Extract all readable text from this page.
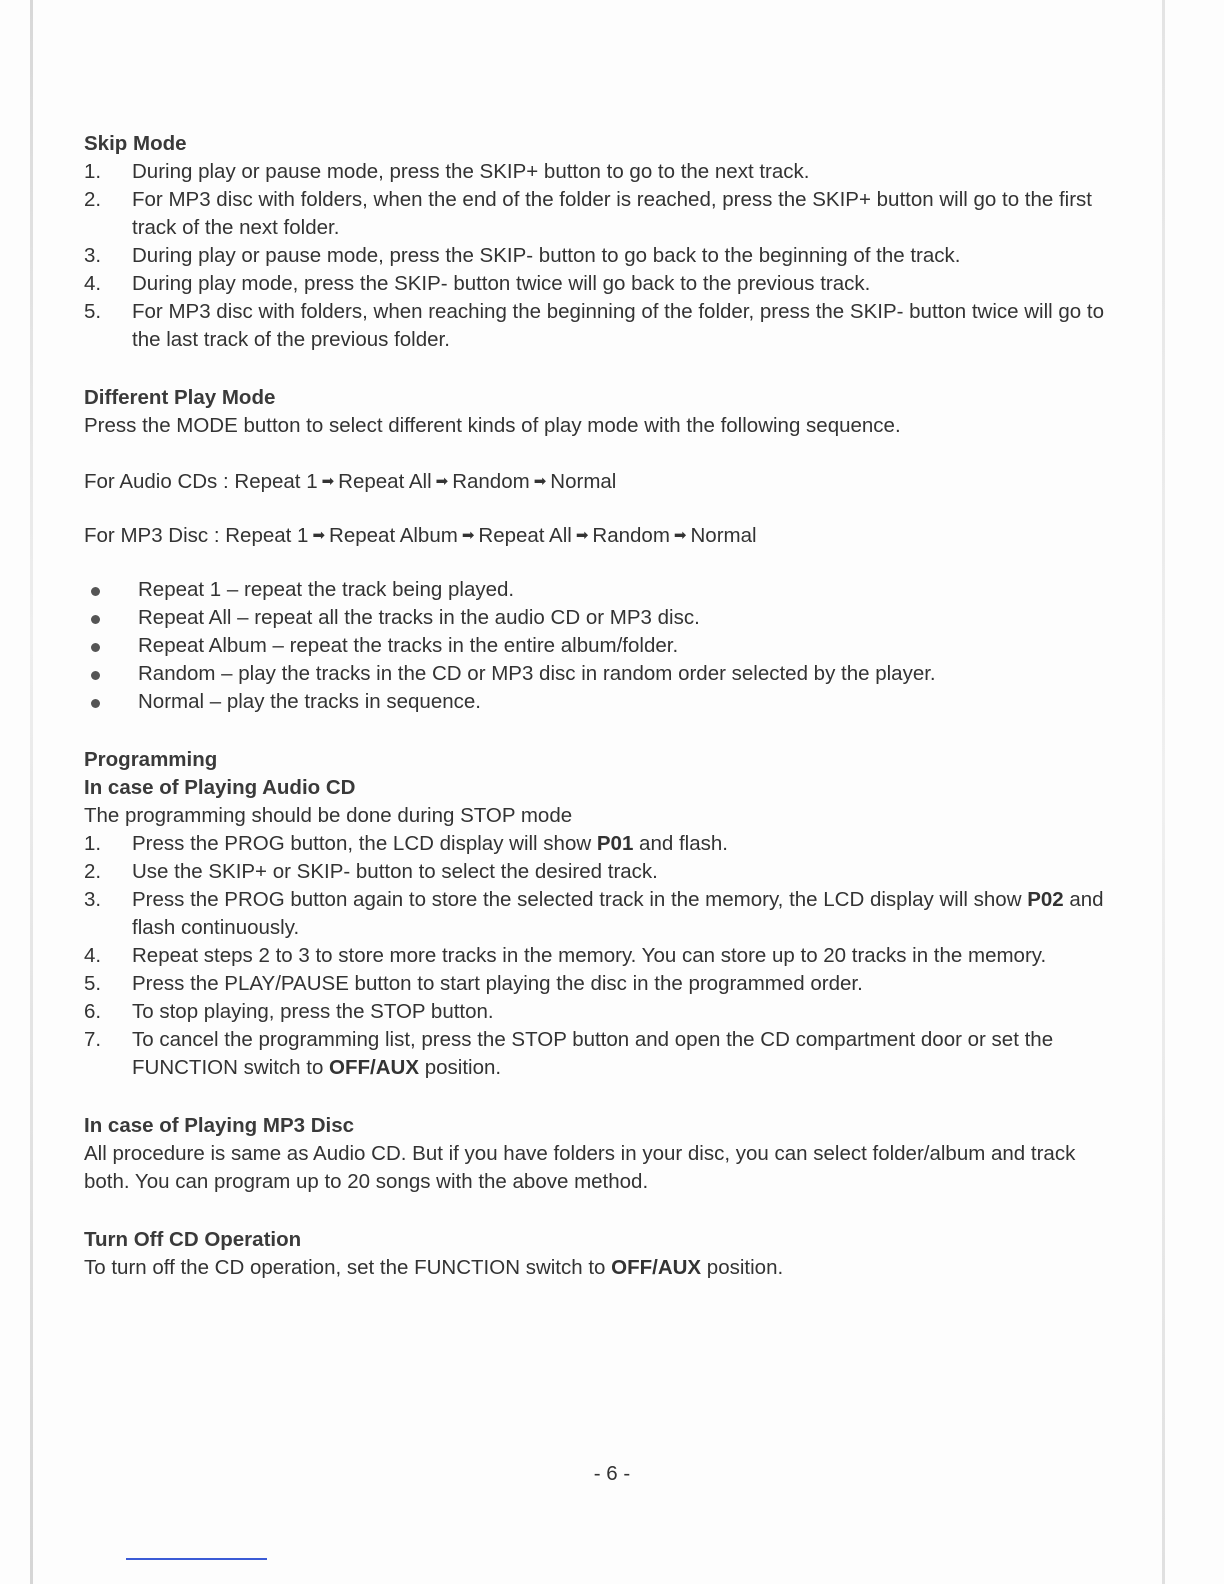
Skip Mode
1. During play or pause mode, press the SKIP+ button to go to the next track.
2. For MP3 disc with folders, when the end of the folder is reached, press the SKIP+ button will go to the first track of the next folder.
3. During play or pause mode, press the SKIP- button to go back to the beginning of the track.
4. During play mode, press the SKIP- button twice will go back to the previous track.
5. For MP3 disc with folders, when reaching the beginning of the folder, press the SKIP- button twice will go to the last track of the previous folder.
Different Play Mode

Press the MODE button to select different kinds of play mode with the following sequence.

For Audio CDs : Repeat 1 ➡ Repeat All ➡ Random ➡ Normal

For MP3 Disc : Repeat 1 ➡ Repeat Album ➡ Repeat All ➡ Random ➡ Normal

Repeat 1 – repeat the track being played.
Repeat All – repeat all the tracks in the audio CD or MP3 disc.
Repeat Album – repeat the tracks in the entire album/folder.
Random – play the tracks in the CD or MP3 disc in random order selected by the player.
Normal – play the tracks in sequence.
Programming
In case of Playing Audio CD

The programming should be done during STOP mode

1. Press the PROG button, the LCD display will show P01 and flash.
2. Use the SKIP+ or SKIP- button to select the desired track.
3. Press the PROG button again to store the selected track in the memory, the LCD display will show P02 and flash continuously.
4. Repeat steps 2 to 3 to store more tracks in the memory. You can store up to 20 tracks in the memory.
5. Press the PLAY/PAUSE button to start playing the disc in the programmed order.
6. To stop playing, press the STOP button.
7. To cancel the programming list, press the STOP button and open the CD compartment door or set the FUNCTION switch to OFF/AUX position.
In case of Playing MP3 Disc

All procedure is same as Audio CD. But if you have folders in your disc, you can select folder/album and track both. You can program up to 20 songs with the above method.

Turn Off CD Operation

To turn off the CD operation, set the FUNCTION switch to OFF/AUX position.

- 6 -
